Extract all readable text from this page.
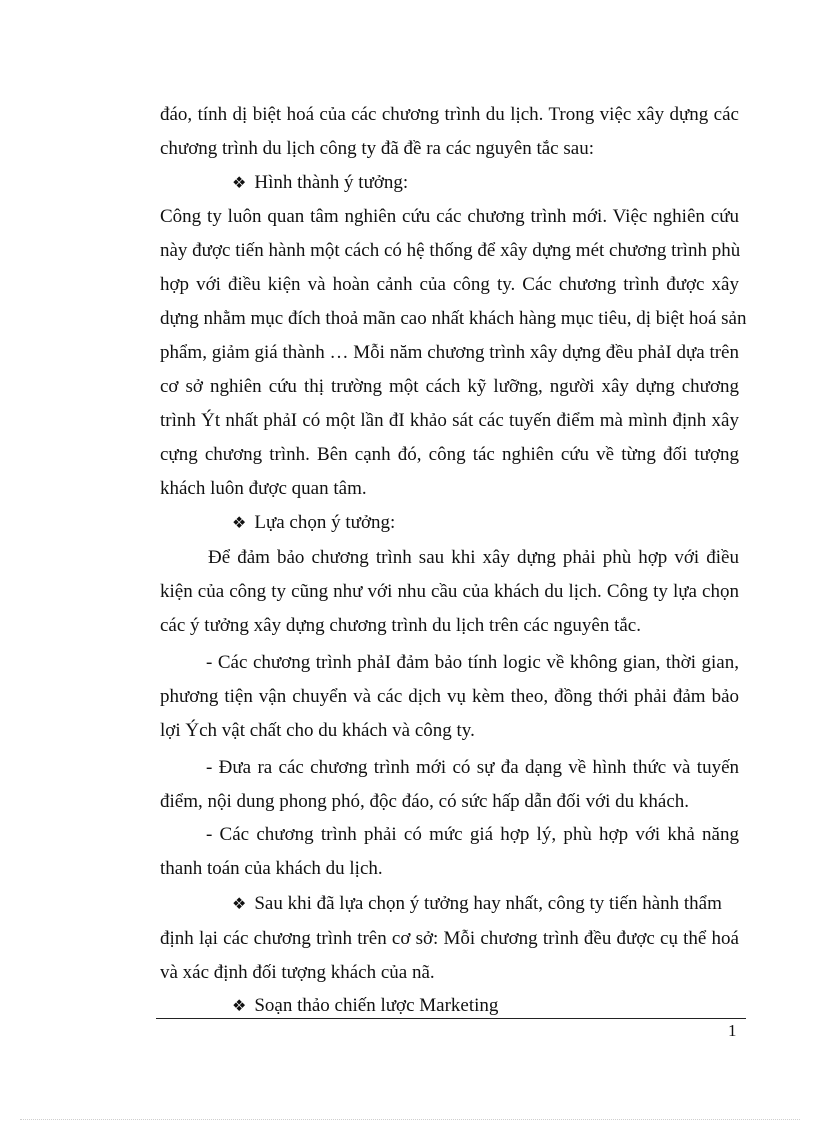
đáo, tính dị biệt hoá của các chương trình du lịch. Trong việc xây dựng các
chương trình du lịch công ty đã đề ra các nguyên tắc sau:
❖ Hình thành ý tưởng:
Công ty luôn quan tâm nghiên cứu các chương trình mới. Việc nghiên cứu
này được tiến hành một cách có hệ thống để xây dựng mét chương trình phù
hợp với điều kiện và hoàn cảnh của công ty. Các chương trình được xây
dựng nhằm mục đích thoả mãn cao nhất khách hàng mục tiêu, dị biệt hoá sản
phẩm, giảm giá thành … Mỗi năm chương trình xây dựng đều phảI dựa trên
cơ sở nghiên cứu thị trường một cách kỹ lưỡng, người xây dựng chương
trình Ýt nhất phảI có một lần đI khảo sát các tuyến điểm mà mình định xây
cựng chương trình. Bên cạnh đó, công tác nghiên cứu về từng đối tượng
khách luôn được quan tâm.
❖ Lựa chọn ý tưởng:
Để đảm bảo chương trình sau khi xây dựng phải phù hợp với điều
kiện của công ty cũng như với nhu cầu của khách du lịch. Công ty lựa chọn
các ý tưởng xây dựng chương trình du lịch trên các nguyên tắc.
- Các chương trình phảI đảm bảo tính logic về không gian, thời gian,
phương tiện vận chuyển và các dịch vụ kèm theo, đồng thới phải đảm bảo
lợi Ých vật chất cho du khách và công ty.
- Đưa ra các chương trình mới có sự đa dạng về hình thức và tuyến
điểm, nội dung phong phó, độc đáo, có sức hấp dẫn đối với du khách.
- Các chương trình phải có mức giá hợp lý, phù hợp với khả năng
thanh toán của khách du lịch.
❖ Sau khi đã lựa chọn ý tưởng hay nhất, công ty tiến hành thẩm
định lại các chương trình trên cơ sở: Mỗi chương trình đều được cụ thể hoá
và xác định đối tượng khách của nã.
❖ Soạn thảo chiến lược Marketing
1
